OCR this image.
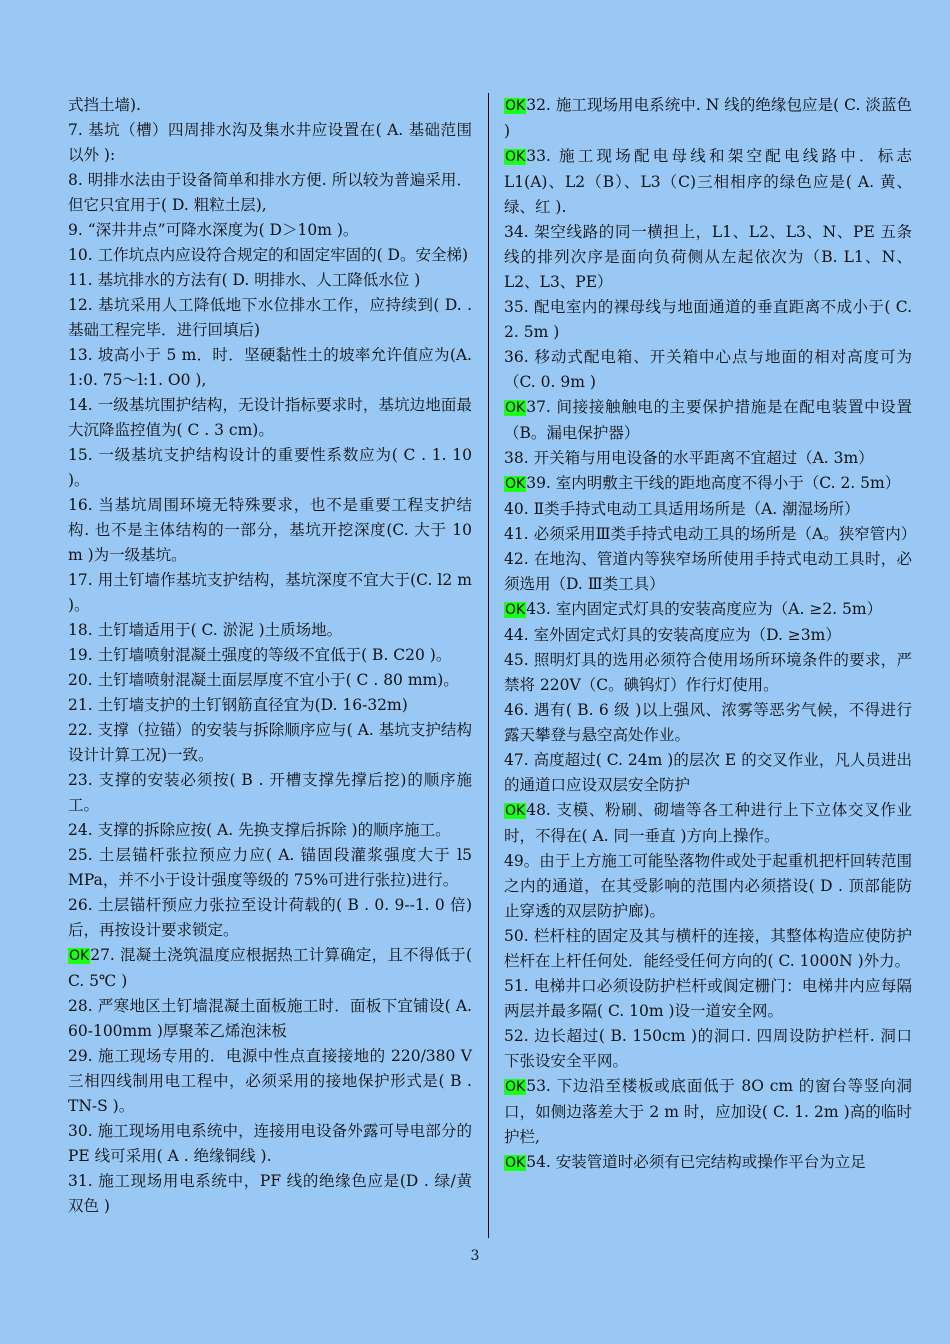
式挡土墙).

7. 基坑（槽）四周排水沟及集水井应设置在( A. 基础范围以外 ):

8. 明排水法由于设备简单和排水方便. 所以较为普遍采用．但它只宜用于( D. 粗粒土层),

9. “深井井点”可降水深度为( D＞10m )。

10. 工作坑点内应设符合规定的和固定牢固的( D。安全梯)

11. 基坑排水的方法有( D. 明排水、人工降低水位 )

12. 基坑采用人工降低地下水位排水工作，应持续到( D. . 基础工程完毕．进行回填后)

13. 坡高小于 5 m．时．坚硬黏性土的坡率允许值应为(A. 1:0. 75～l:1. O0 ),

14. 一级基坑围护结构，无设计指标要求时，基坑边地面最大沉降监控值为( C . 3 cm)。

15. 一级基坑支护结构设计的重要性系数应为( C . 1. 10 )。

16. 当基坑周围环境无特殊要求，也不是重要工程支护结构. 也不是主体结构的一部分，基坑开挖深度(C. 大于 10 m )为一级基坑。

17. 用土钉墙作基坑支护结构，基坑深度不宜大于(C. l2 m )。

18. 土钉墙适用于( C. 淤泥 )土质场地。

19. 土钉墙喷射混凝土强度的等级不宜低于( B. C20 )。

20. 土钉墙喷射混凝土面层厚度不宜小于( C . 80 mm)。

21. 土钉墙支护的土钉钢筋直径宜为(D. 16-32m)

22. 支撑（拉锚）的安装与拆除顺序应与( A. 基坑支护结构设计计算工况)一致。

23. 支撑的安装必须按( B . 开槽支撑先撑后挖)的顺序施工。

24. 支撑的拆除应按( A. 先换支撑后拆除 )的顺序施工。

25. 土层锚杆张拉预应力应( A. 锚固段灌浆强度大于 l5 MPa，并不小于设计强度等级的 75%可进行张拉)进行。

26. 土层锚杆预应力张拉至设计荷载的( B . 0. 9--1. 0 倍)后，再按设计要求锁定。

OK27. 混凝土浇筑温度应根据热工计算确定，且不得低于( C. 5℃ )

28. 严寒地区土钉墙混凝土面板施工时．面板下宜铺设( A. 60-100mm )厚聚苯乙烯泡沫板

29. 施工现场专用的．电源中性点直接接地的 220/380 V 三相四线制用电工程中，必须采用的接地保护形式是( B . TN-S )。

30. 施工现场用电系统中，连接用电设备外露可导电部分的 PE 线可采用( A . 绝缘铜线 ).

31. 施工现场用电系统中，PF 线的绝缘色应是(D . 绿/黄双色 )

OK32. 施工现场用电系统中. N 线的绝缘包应是( C. 淡蓝色 )

OK33. 施工现场配电母线和架空配电线路中．标志 L1(A)、L2（B）、L3（C)三相相序的绿色应是( A. 黄、绿、红 ).

34. 架空线路的同一横担上，L1、L2、L3、N、PE 五条线的排列次序是面向负荷侧从左起依次为（B. L1、N、L2、L3、PE）

35. 配电室内的裸母线与地面通道的垂直距离不成小于( C. 2. 5m )

36. 移动式配电箱、开关箱中心点与地面的相对高度可为（C. 0. 9m )

OK37. 间接接触触电的主要保护措施是在配电装置中设置（B。漏电保护器）

38. 开关箱与用电设备的水平距离不宜超过（A. 3m）

OK39. 室内明敷主干线的距地高度不得小于（C. 2. 5m）

40. Ⅱ类手持式电动工具适用场所是（A. 潮湿场所）

41. 必须采用Ⅲ类手持式电动工具的场所是（A。狭窄管内）

42. 在地沟、管道内等狭窄场所使用手持式电动工具时，必须选用（D. Ⅲ类工具）

OK43. 室内固定式灯具的安装高度应为（A. ≥2. 5m）

44. 室外固定式灯具的安装高度应为（D. ≥3m）

45. 照明灯具的选用必须符合使用场所环境条件的要求，严禁将 220V（C。碘钨灯）作行灯使用。

46. 遇有( B. 6 级 )以上强风、浓雾等恶劣气候，不得进行露天攀登与悬空高处作业。

47. 高度超过( C. 24m )的层次 E 的交叉作业，凡人员进出的通道口应设双层安全防护

OK48. 支模、粉刷、砌墙等各工种进行上下立体交叉作业时，不得在( A. 同一垂直 )方向上操作。

49。由于上方施工可能坠落物件或处于起重机把杆回转范围之内的通道，在其受影响的范围内必须搭设( D . 顶部能防止穿透的双层防护廊)。

50. 栏杆柱的固定及其与横杆的连接，其整体构造应使防护栏杆在上杆任何处．能经受任何方向的( C. 1000N )外力。

51. 电梯井口必须设防护栏杆或阆定栅门：电梯井内应每隔两层并最多隔( C. 10m )设一道安全网。

52. 边长超过( B. 150cm )的洞口. 四周设防护栏杆. 洞口下张设安全平网。

OK53. 下边沿至楼板或底面低于 8O cm 的窗台等竖向洞口，如侧边落差大于 2 m 时，应加设( C. 1. 2m )高的临时护栏,

OK54. 安装管道时必须有已完结构或操作平台为立足

3
